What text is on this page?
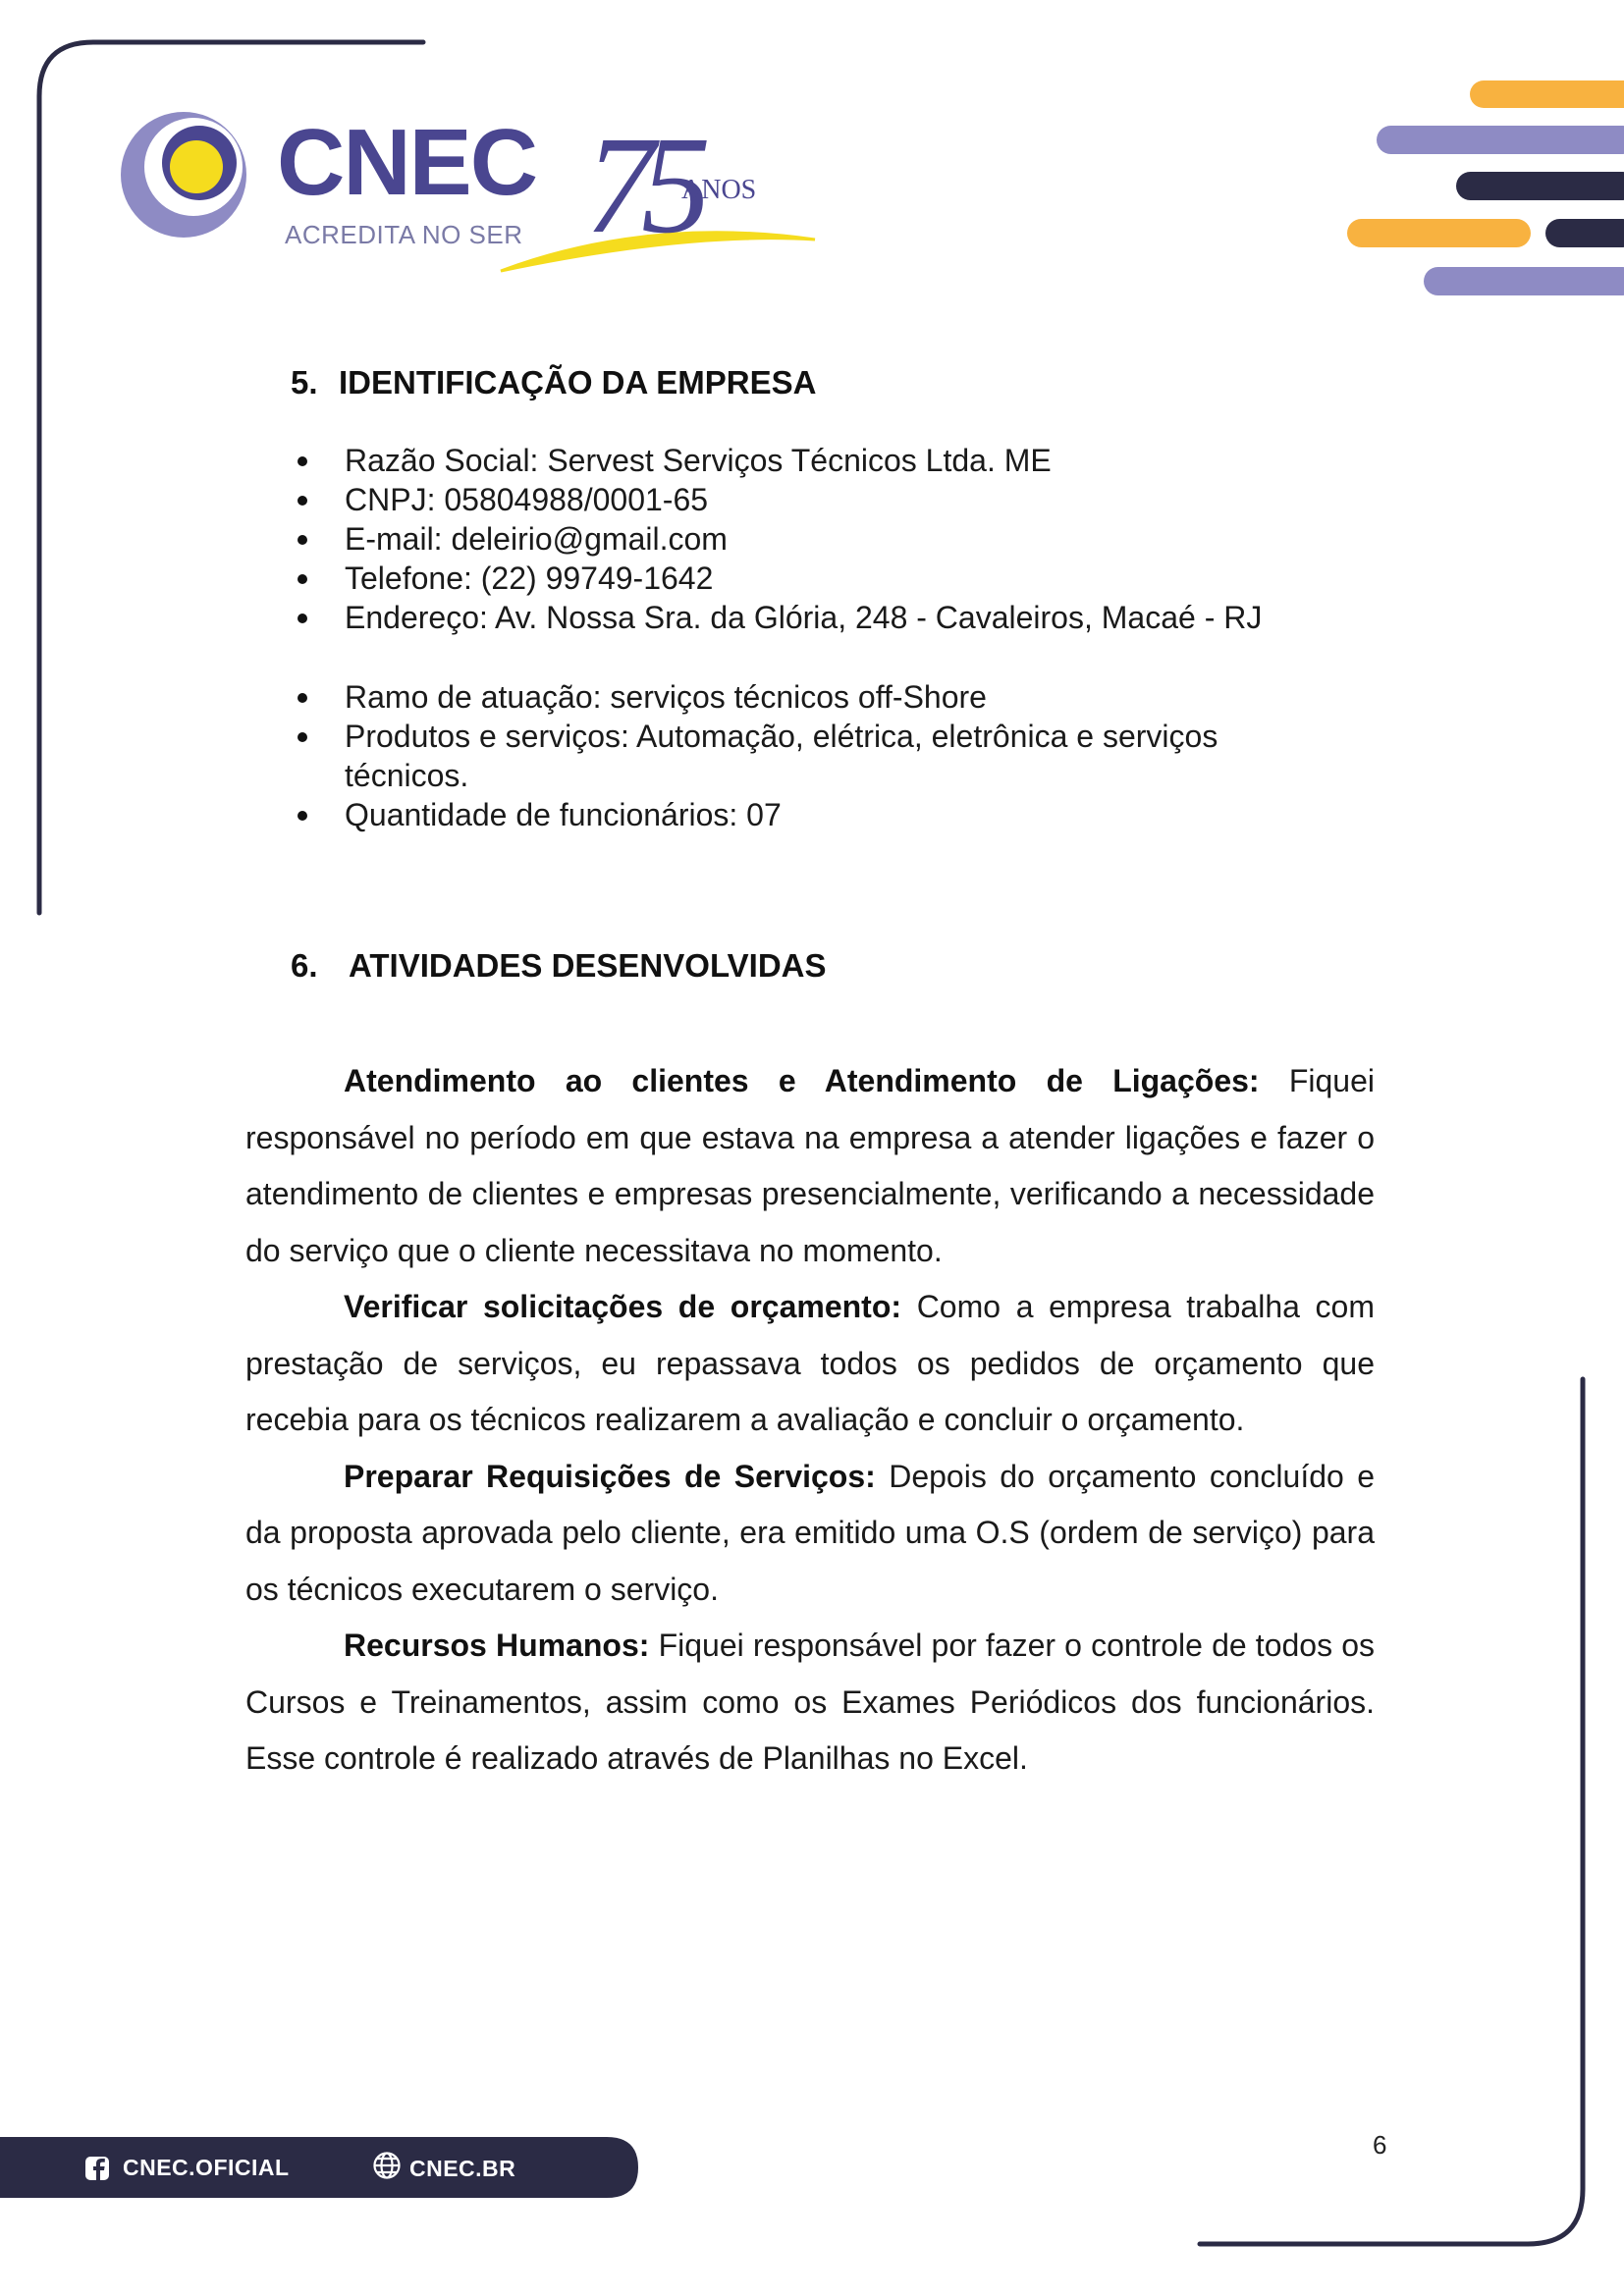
75
CNEC
ACREDITA NO SER
ANOS
5. IDENTIFICAÇÃO DA EMPRESA
Razão Social: Servest Serviços Técnicos Ltda. ME
CNPJ: 05804988/0001-65
E-mail: deleirio@gmail.com
Telefone: (22) 99749-1642
Endereço: Av. Nossa Sra. da Glória, 248 - Cavaleiros, Macaé - RJ
Ramo de atuação: serviços técnicos off-Shore
Produtos e serviços: Automação, elétrica, eletrônica e serviços técnicos.
Quantidade de funcionários: 07
6. ATIVIDADES DESENVOLVIDAS

Atendimento ao clientes e Atendimento de Ligações: Fiquei responsável no período em que estava na empresa a atender ligações e fazer o atendimento de clientes e empresas presencialmente, verificando a necessidade do serviço que o cliente necessitava no momento.

Verificar solicitações de orçamento: Como a empresa trabalha com prestação de serviços, eu repassava todos os pedidos de orçamento que recebia para os técnicos realizarem a avaliação e concluir o orçamento.

Preparar Requisições de Serviços: Depois do orçamento concluído e da proposta aprovada pelo cliente, era emitido uma O.S (ordem de serviço) para os técnicos executarem o serviço.

Recursos Humanos: Fiquei responsável por fazer o controle de todos os Cursos e Treinamentos, assim como os Exames Periódicos dos funcionários. Esse controle é realizado através de Planilhas no Excel.

CNEC.OFICIAL	CNEC.BR
6
